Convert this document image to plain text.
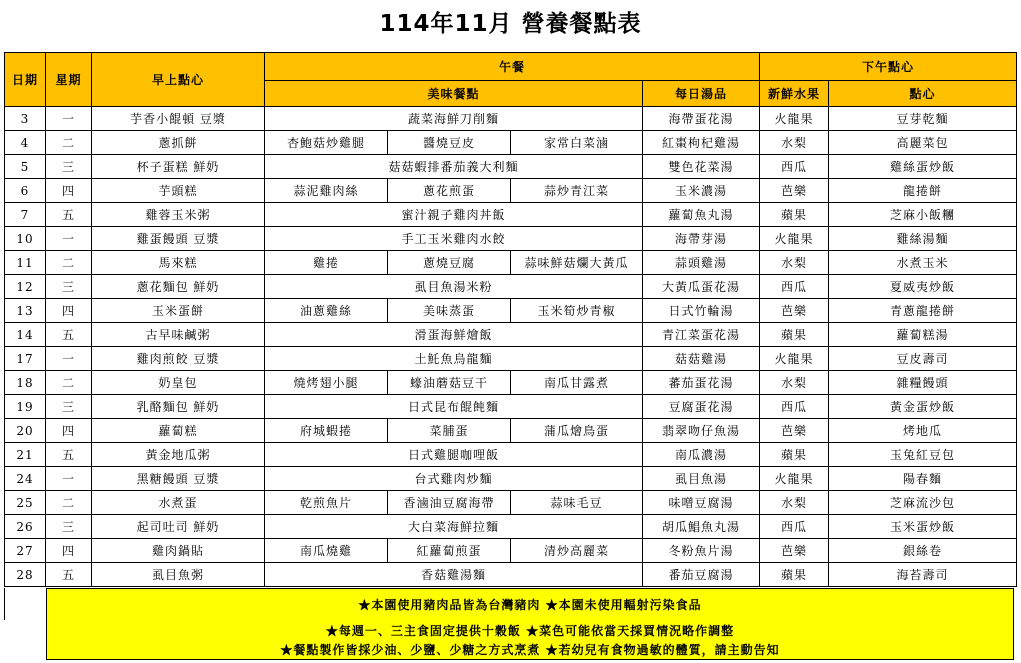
114年11月 營養餐點表
日期	星期	早上點心	午餐				下午點心	
			美味餐點			每日湯品	新鮮水果	點心
3	一	芋香小餛頓 豆漿	蔬菜海鮮刀削麵			海帶蛋花湯	火龍果	豆芽乾麵
4	二	蔥抓餅	杏鮑菇炒雞腿	醬燒豆皮	家常白菜滷	紅棗枸杞雞湯	水梨	高麗菜包
5	三	杯子蛋糕 鮮奶	菇菇蝦排番茄義大利麵			雙色花菜湯	西瓜	雞絲蛋炒飯
6	四	芋頭糕	蒜泥雞肉絲	蔥花煎蛋	蒜炒青江菜	玉米濃湯	芭樂	龍捲餅
7	五	雞蓉玉米粥	蜜汁親子雞肉丼飯			蘿蔔魚丸湯	蘋果	芝麻小飯糰
10	一	雞蛋饅頭 豆漿	手工玉米雞肉水餃			海帶芽湯	火龍果	雞絲湯麵
11	二	馬來糕	雞捲	蔥燒豆腐	蒜味鮮菇爛大黃瓜	蒜頭雞湯	水梨	水煮玉米
12	三	蔥花麵包 鮮奶	虱目魚湯米粉			大黃瓜蛋花湯	西瓜	夏威夷炒飯
13	四	玉米蛋餅	油蔥雞絲	美味蒸蛋	玉米筍炒青椒	日式竹輪湯	芭樂	青蔥龍捲餅
14	五	古早味鹹粥	滑蛋海鮮燴飯			青江菜蛋花湯	蘋果	蘿蔔糕湯
17	一	雞肉煎餃 豆漿	土魠魚烏龍麵			菇菇雞湯	火龍果	豆皮壽司
18	二	奶皇包	燒烤翅小腿	蠔油蘑菇豆干	南瓜甘露煮	蕃茄蛋花湯	水梨	雜糧饅頭
19	三	乳酪麵包 鮮奶	日式昆布餛飩麵			豆腐蛋花湯	西瓜	黃金蛋炒飯
20	四	蘿蔔糕	府城蝦捲	菜脯蛋	蒲瓜燴鳥蛋	翡翠吻仔魚湯	芭樂	烤地瓜
21	五	黃金地瓜粥	日式雞腿咖哩飯			南瓜濃湯	蘋果	玉兔紅豆包
24	一	黑糖饅頭 豆漿	台式雞肉炒麵			虱目魚湯	火龍果	陽春麵
25	二	水煮蛋	乾煎魚片	香滷油豆腐海帶	蒜味毛豆	味噌豆腐湯	水梨	芝麻流沙包
26	三	起司吐司 鮮奶	大白菜海鮮拉麵			胡瓜鯧魚丸湯	西瓜	玉米蛋炒飯
27	四	雞肉鍋貼	南瓜燒雞	紅蘿蔔煎蛋	清炒高麗菜	冬粉魚片湯	芭樂	銀絲卷
28	五	虱目魚粥	香菇雞湯麵			番茄豆腐湯	蘋果	海苔壽司
★本園使用豬肉品皆為台灣豬肉 ★本園未使用輻射污染食品
★每週一、三主食固定提供十穀飯 ★菜色可能依當天採買情況略作調整
★餐點製作皆採少油、少鹽、少糖之方式烹煮 ★若幼兒有食物過敏的體質，請主動告知
